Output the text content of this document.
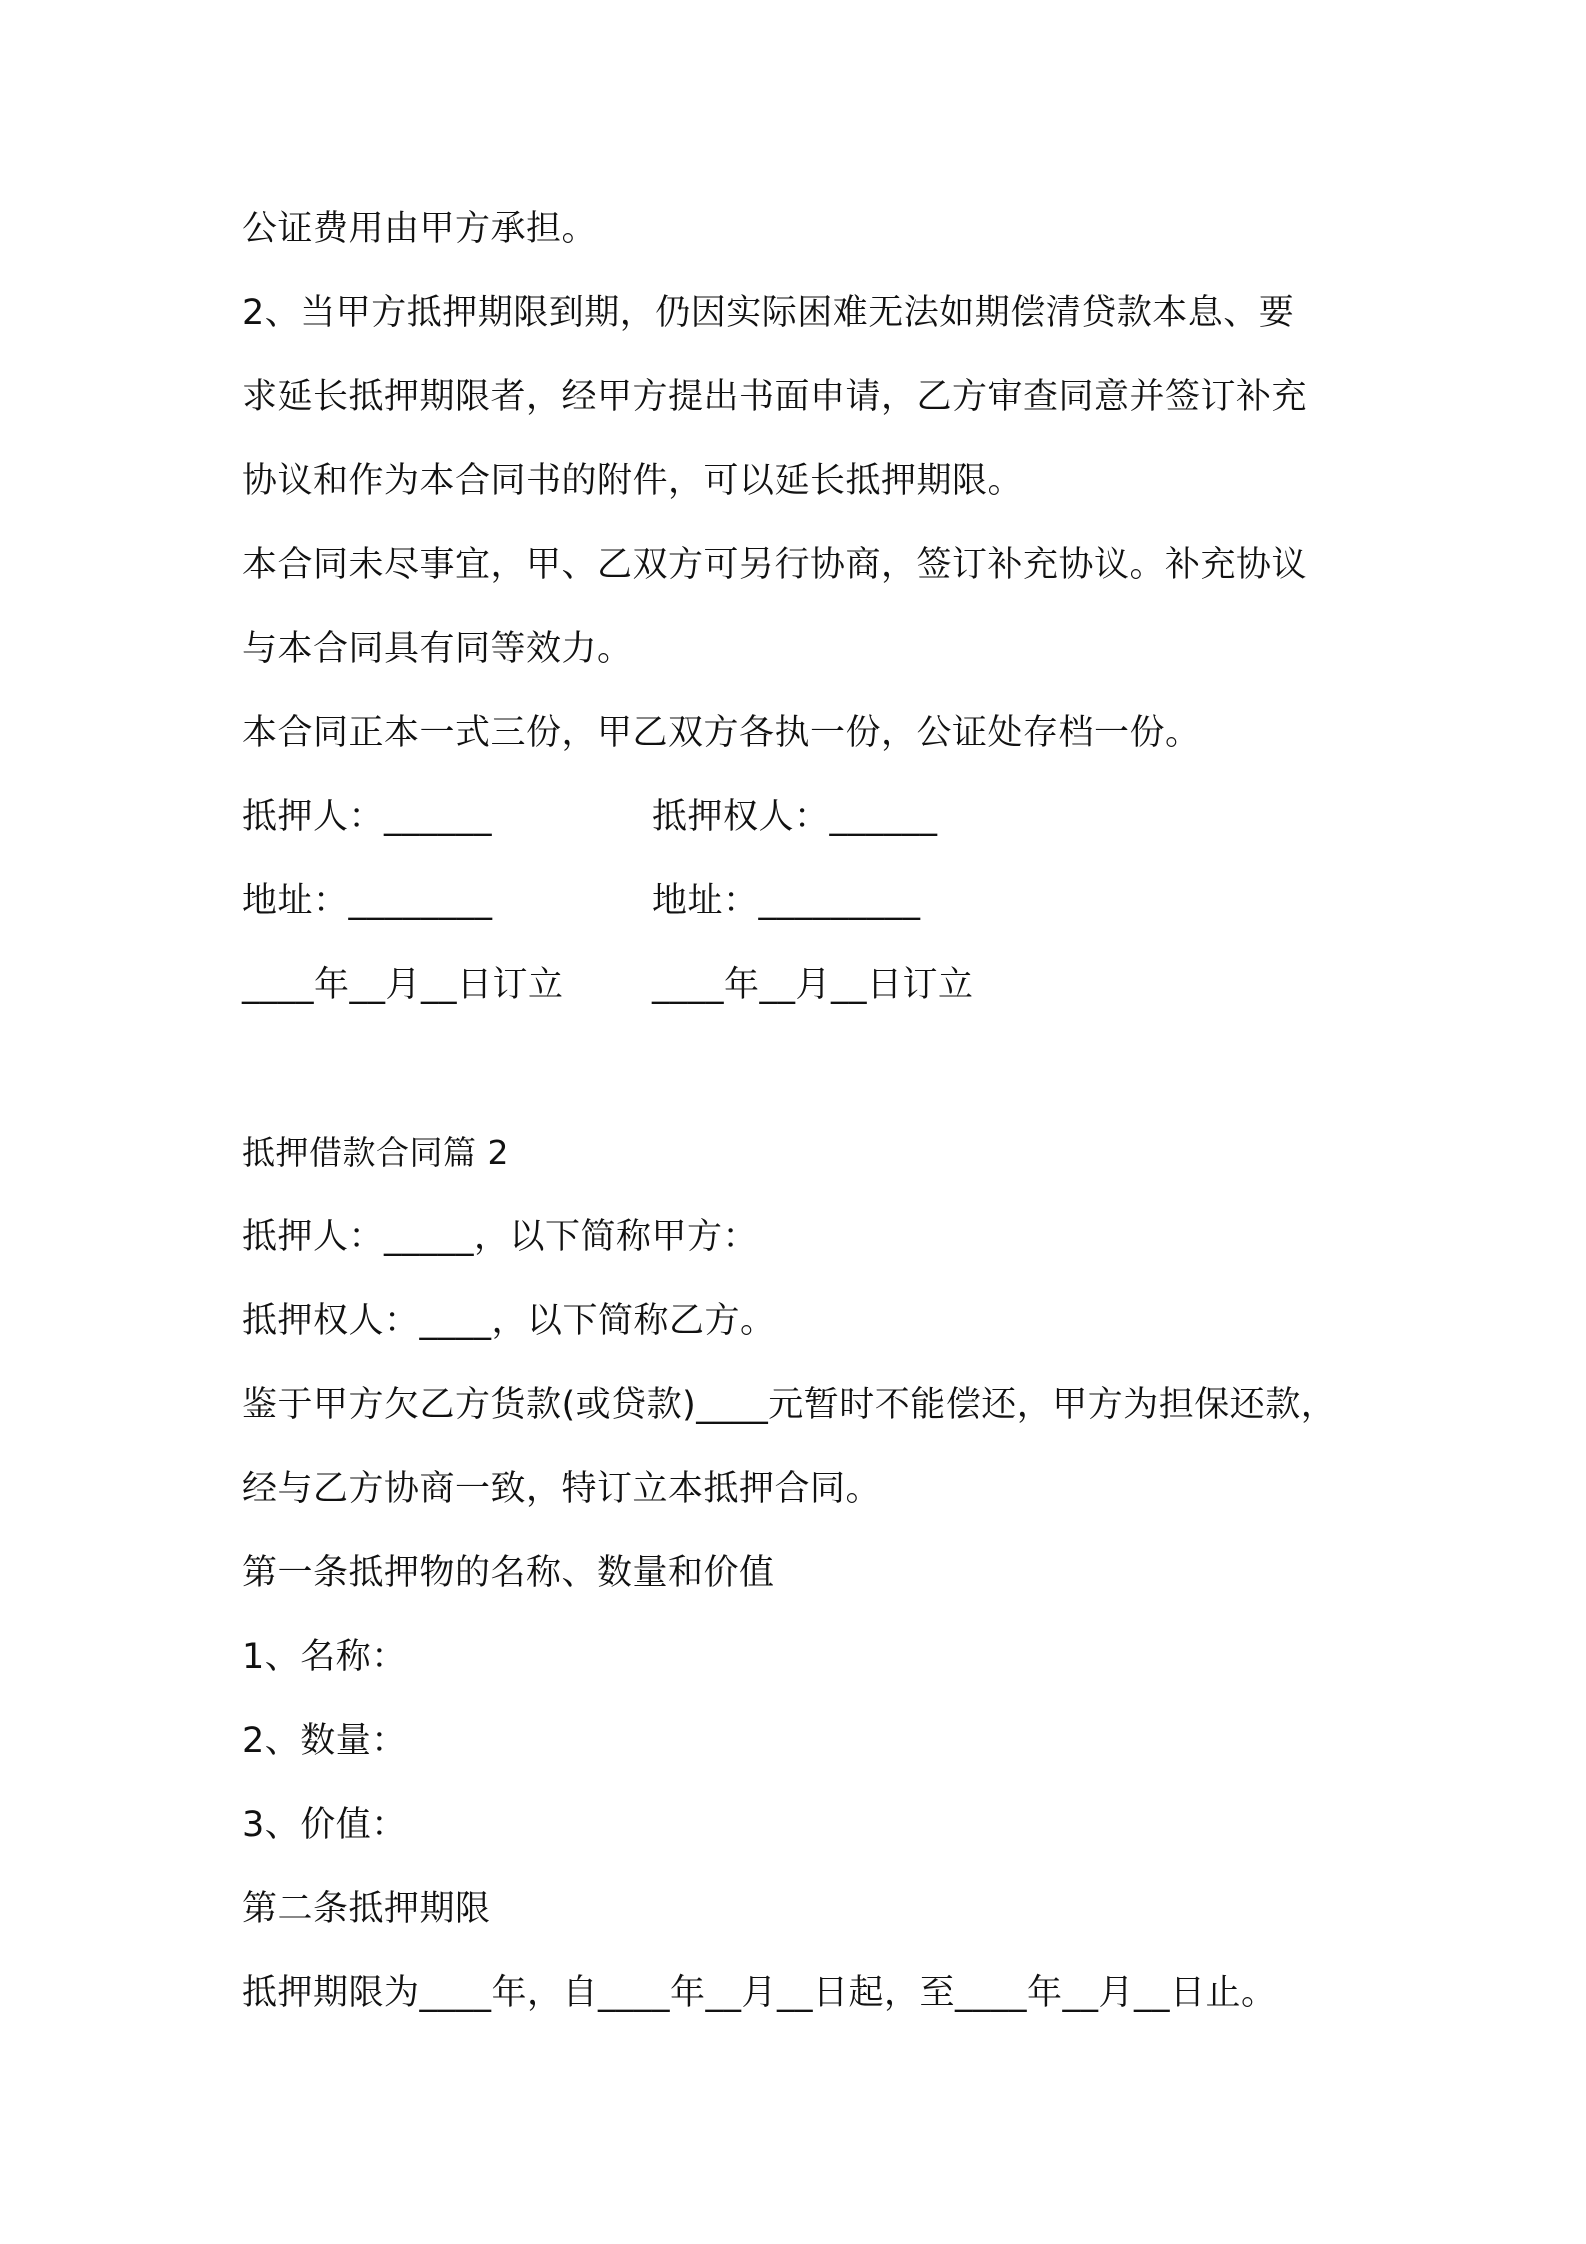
公证费用由甲方承担。
2、当甲方抵押期限到期，仍因实际困难无法如期偿清贷款本息、要
求延长抵押期限者，经甲方提出书面申请，乙方审查同意并签订补充
协议和作为本合同书的附件，可以延长抵押期限。
本合同未尽事宜，甲、乙双方可另行协商，签订补充协议。补充协议
与本合同具有同等效力。
本合同正本一式三份，甲乙双方各执一份，公证处存档一份。
抵押人：______	抵押权人：______
地址：________	地址：_________
____年__月__日订立	____年__月__日订立
抵押借款合同篇 2
抵押人：_____，以下简称甲方：
抵押权人：____，以下简称乙方。
鉴于甲方欠乙方货款(或贷款)____元暂时不能偿还，甲方为担保还款，
经与乙方协商一致，特订立本抵押合同。
第一条抵押物的名称、数量和价值
1、名称：
2、数量：
3、价值：
第二条抵押期限
抵押期限为____年，自____年__月__日起，至____年__月__日止。
